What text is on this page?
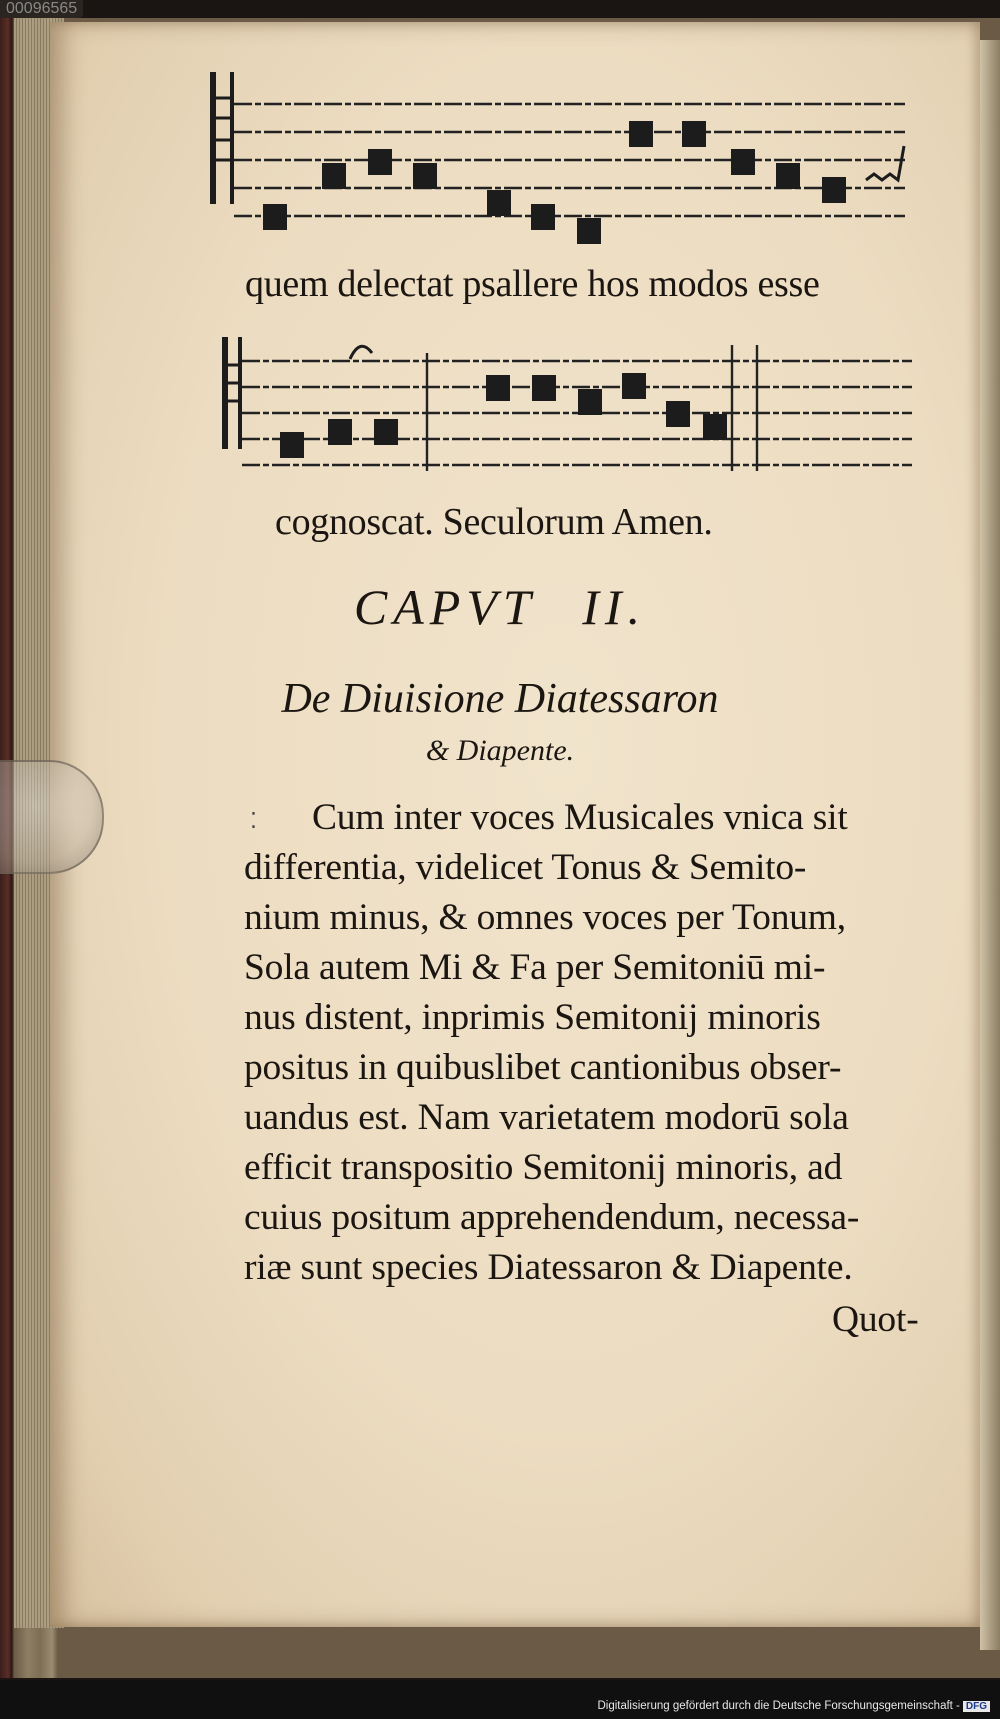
00096565
quem delectat psallere hos modos esse
cognoscat. Seculorum Amen.
CAPVT II.
De Diuisione Diatessaron
& Diapente.
⁚ Cum inter voces Musicales vnica sit
differentia, videlicet Tonus & Semito-
nium minus, & omnes voces per Tonum,
Sola autem Mi & Fa per Semitoniū mi-
nus distent, inprimis Semitonij minoris
positus in quibuslibet cantionibus obser-
uandus est. Nam varietatem modorū sola
efficit transpositio Semitonij minoris, ad
cuius positum apprehendendum, necessa-
riæ sunt species Diatessaron & Diapente.
Quot-
Digitalisierung gefördert durch die Deutsche Forschungsgemeinschaft - DFG
